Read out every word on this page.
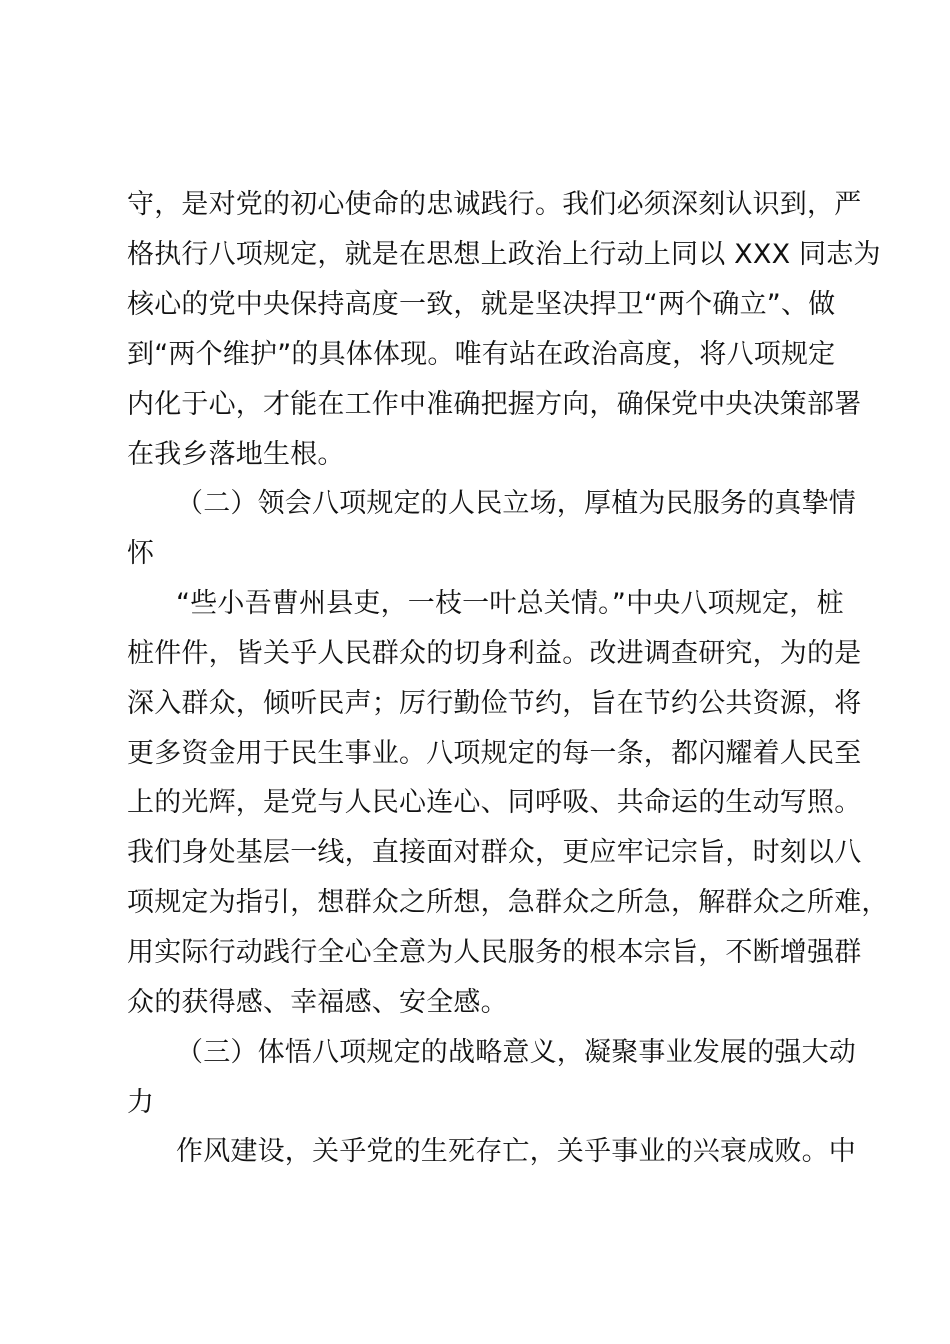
守，是对党的初心使命的忠诚践行。我们必须深刻认识到，严
格执行八项规定，就是在思想上政治上行动上同以 XXX 同志为
核心的党中央保持高度一致，就是坚决捍卫“两个确立”、做
到“两个维护”的具体体现。唯有站在政治高度，将八项规定
内化于心，才能在工作中准确把握方向，确保党中央决策部署
在我乡落地生根。
（二）领会八项规定的人民立场，厚植为民服务的真挚情
怀
“些小吾曹州县吏，一枝一叶总关情。”中央八项规定，桩
桩件件，皆关乎人民群众的切身利益。改进调查研究，为的是
深入群众，倾听民声；厉行勤俭节约，旨在节约公共资源，将
更多资金用于民生事业。八项规定的每一条，都闪耀着人民至
上的光辉，是党与人民心连心、同呼吸、共命运的生动写照。
我们身处基层一线，直接面对群众，更应牢记宗旨，时刻以八
项规定为指引，想群众之所想，急群众之所急，解群众之所难，
用实际行动践行全心全意为人民服务的根本宗旨，不断增强群
众的获得感、幸福感、安全感。
（三）体悟八项规定的战略意义，凝聚事业发展的强大动
力
作风建设，关乎党的生死存亡，关乎事业的兴衰成败。中
